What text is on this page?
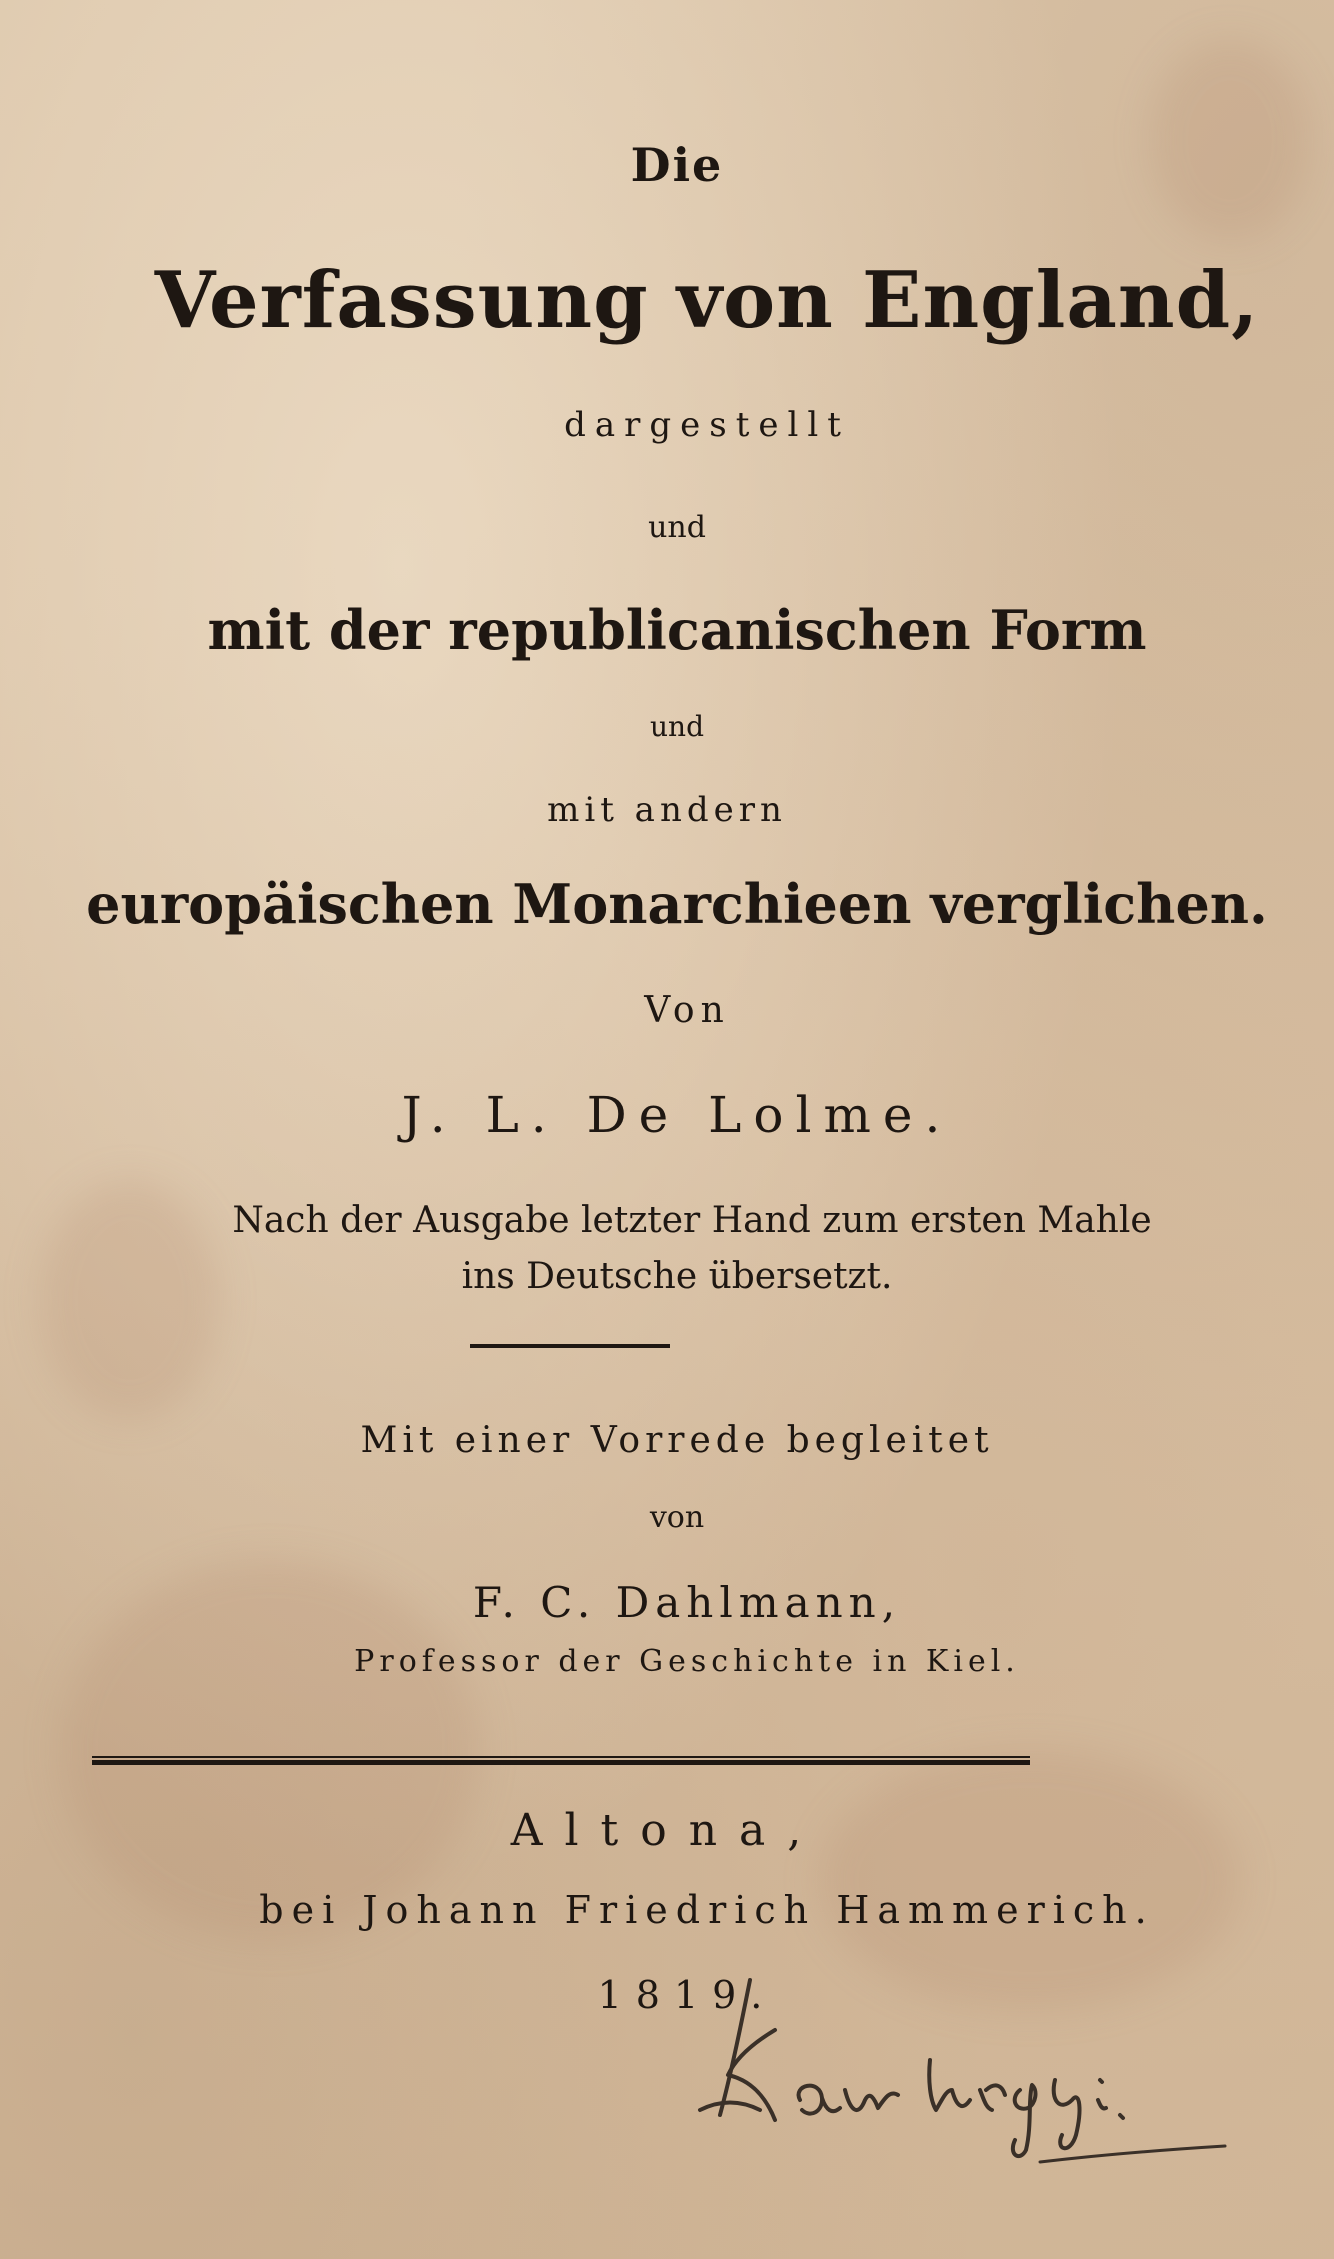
Die
Verfassung von England,
dargestellt
und
mit der republicanischen Form
und
mit andern
europäischen Monarchieen verglichen.
Von
J. L. De Lolme.
Nach der Ausgabe letzter Hand zum ersten Mahle
ins Deutsche übersetzt.
Mit einer Vorrede begleitet
von
F. C. Dahlmann,
Professor der Geschichte in Kiel.
Altona,
bei Johann Friedrich Hammerich.
1819.
